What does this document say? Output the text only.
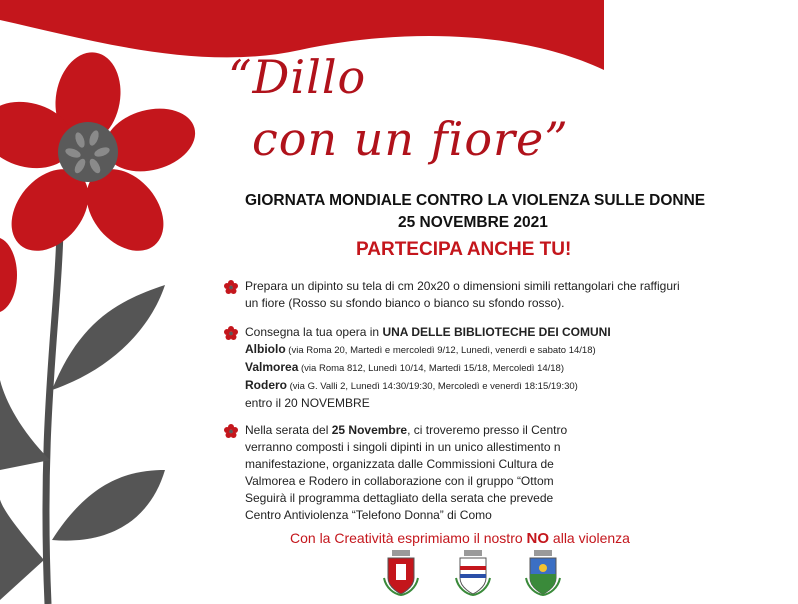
“Dillo
con un fiore”
GIORNATA MONDIALE CONTRO LA VIOLENZA SULLE DONNE
25 NOVEMBRE 2021
PARTECIPA ANCHE TU!
Prepara un dipinto su tela di cm 20x20 o dimensioni simili rettangolari che raffiguri
un fiore (Rosso su sfondo bianco o bianco su sfondo rosso).
Consegna la tua opera in UNA DELLE BIBLIOTECHE DEI COMUNI
Albiolo (via Roma 20, Martedì e mercoledì 9/12, Lunedì, venerdì e sabato 14/18)
Valmorea (via Roma 812, Lunedì 10/14, Martedì 15/18, Mercoledì 14/18)
Rodero (via G. Valli 2, Lunedì 14:30/19:30, Mercoledì e venerdì 18:15/19:30)
entro il 20 NOVEMBRE
Nella serata del 25 Novembre, ci troveremo presso il Centro
verranno composti i singoli dipinti in un unico allestimento n
manifestazione, organizzata dalle Commissioni Cultura de
Valmorea e Rodero in collaborazione con il gruppo “Ottom
Seguirà il programma dettagliato della serata che prevede
Centro Antiviolenza “Telefono Donna” di Como
Con la Creatività esprimiamo il nostro NO alla violenza
